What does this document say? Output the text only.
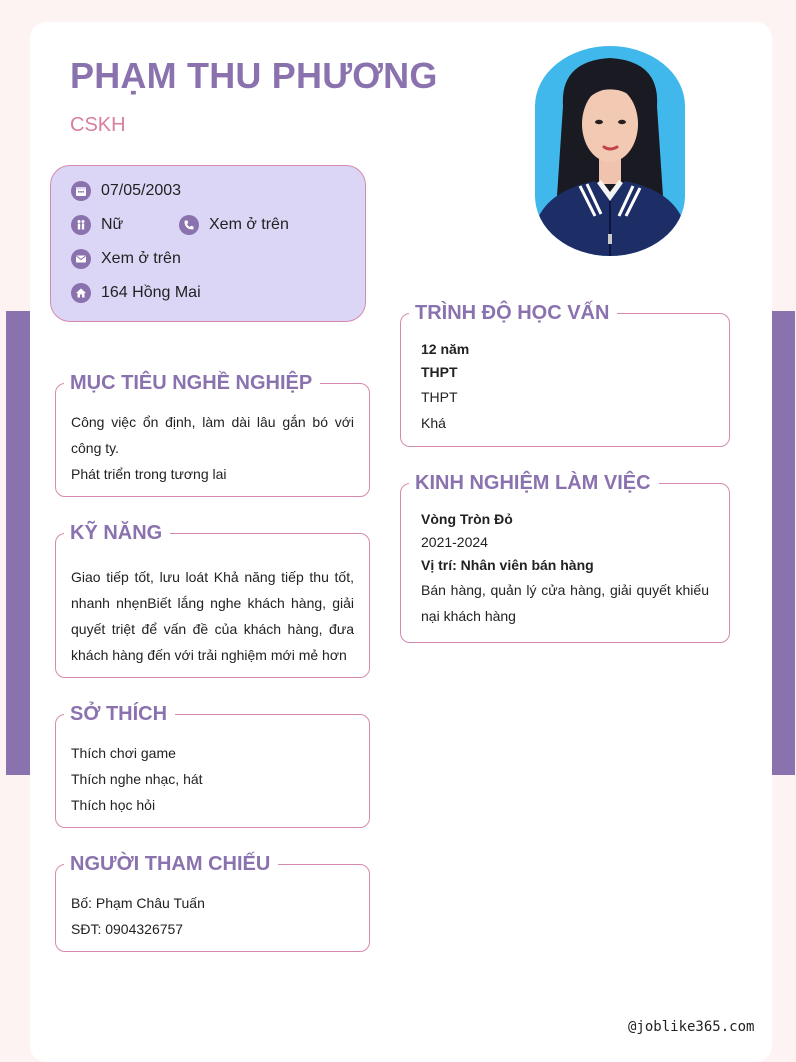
PHẠM THU PHƯƠNG
CSKH
07/05/2003
Nữ	Xem ở trên
Xem ở trên
164 Hồng Mai
MỤC TIÊU NGHỀ NGHIỆP

Công việc ổn định, làm dài lâu gắn bó với công ty.

Phát triển trong tương lai

KỸ NĂNG

Giao tiếp tốt, lưu loát Khả năng tiếp thu tốt, nhanh nhẹnBiết lắng nghe khách hàng, giải quyết triệt để vấn đề của khách hàng, đưa khách hàng đến với trải nghiệm mới mẻ hơn

SỞ THÍCH

Thích chơi game

Thích nghe nhạc, hát

Thích học hỏi

NGƯỜI THAM CHIẾU

Bố: Phạm Châu Tuấn

SĐT: 0904326757

TRÌNH ĐỘ HỌC VẤN

12 năm

THPT

THPT

Khá

KINH NGHIỆM LÀM VIỆC

Vòng Tròn Đỏ

2021-2024

Vị trí: Nhân viên bán hàng

Bán hàng, quản lý cửa hàng, giải quyết khiếu nại khách hàng

@joblike365.com
